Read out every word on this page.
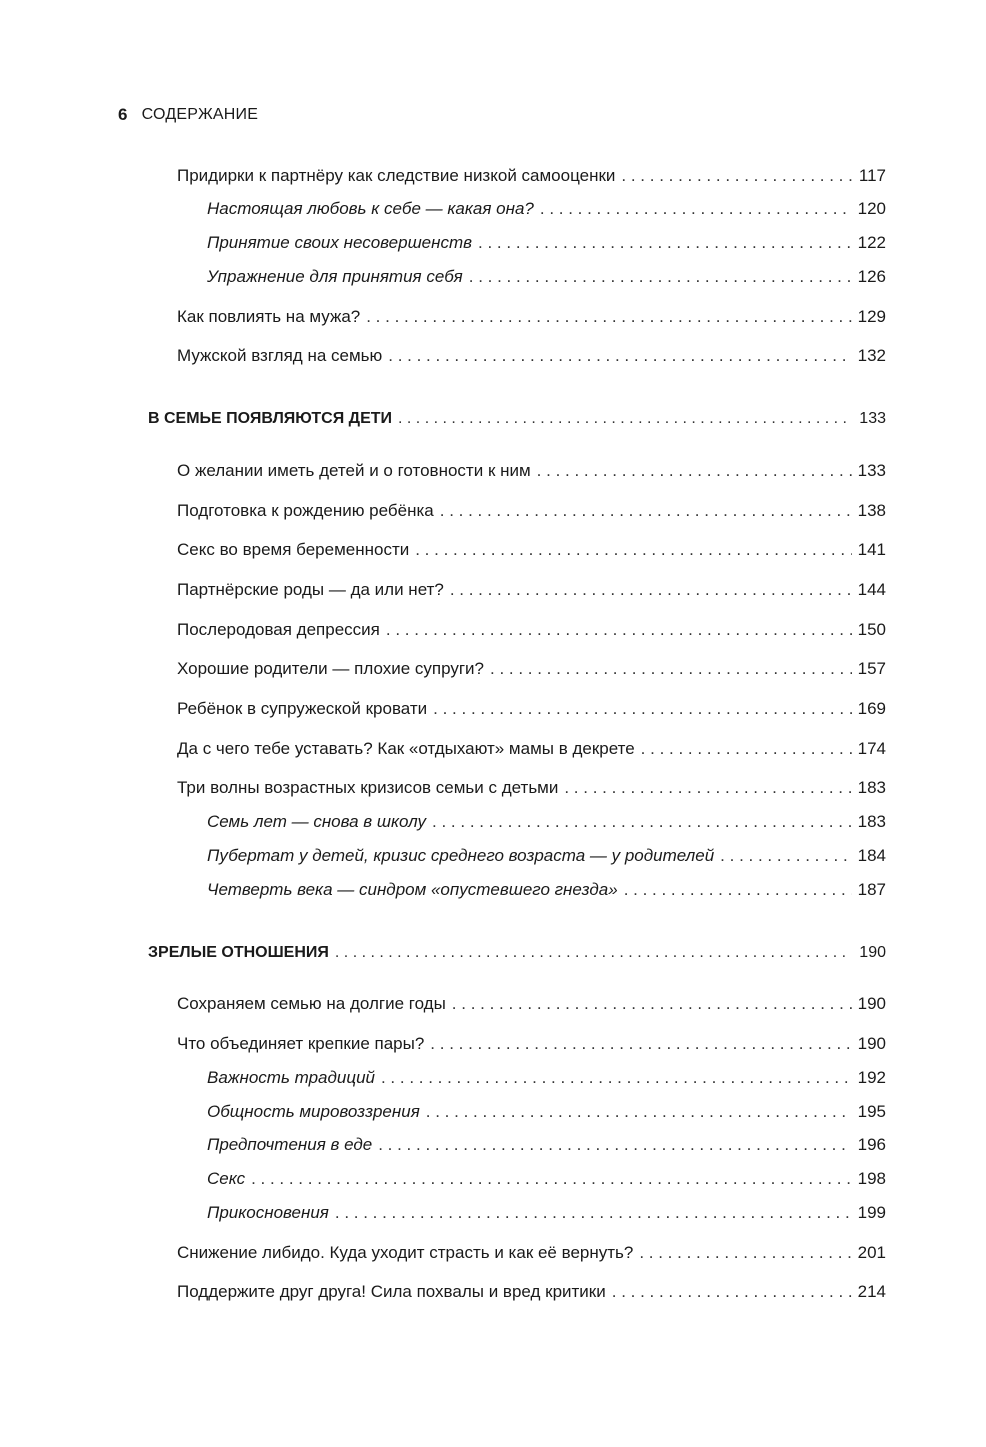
6 СОДЕРЖАНИЕ
Придирки к партнёру как следствие низкой самооценки . . .	117
Настоящая любовь к себе — какая она? . . .	120
Принятие своих несовершенств . . .	122
Упражнение для принятия себя . . .	126
Как повлиять на мужа? . . .	129
Мужской взгляд на семью . . .	132
В СЕМЬЕ ПОЯВЛЯЮТСЯ ДЕТИ . . .	133
О желании иметь детей и о готовности к ним . . .	133
Подготовка к рождению ребёнка . . .	138
Секс во время беременности . . .	141
Партнёрские роды — да или нет? . . .	144
Послеродовая депрессия . . .	150
Хорошие родители — плохие супруги? . . .	157
Ребёнок в супружеской кровати . . .	169
Да с чего тебе уставать? Как «отдыхают» мамы в декрете . . .	174
Три волны возрастных кризисов семьи с детьми . . .	183
Семь лет — снова в школу . . .	183
Пубертат у детей, кризис среднего возраста — у родителей . . .	184
Четверть века — синдром «опустевшего гнезда» . . .	187
ЗРЕЛЫЕ ОТНОШЕНИЯ . . .	190
Сохраняем семью на долгие годы . . .	190
Что объединяет крепкие пары? . . .	190
Важность традиций . . .	192
Общность мировоззрения . . .	195
Предпочтения в еде . . .	196
Секс . . .	198
Прикосновения . . .	199
Снижение либидо. Куда уходит страсть и как её вернуть? . . .	201
Поддержите друг друга! Сила похвалы и вред критики . . .	214
